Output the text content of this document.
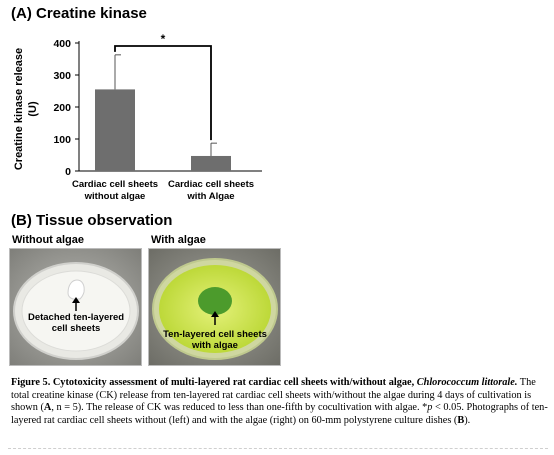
(A) Creatine kinase
Creatine kinase release (U)
0
100
200
300
400	*
Cardiac cell sheets
without algae
Cardiac cell sheets
with Algae
(B) Tissue observation
Without algae	With algae
Detached ten-layered
cell sheets
Ten-layered cell sheets
with algae
Figure 5. Cytotoxicity assessment of multi-layered rat cardiac cell sheets with/without algae, Chlorococcum littorale. The total creatine kinase (CK) release from ten-layered rat cardiac cell sheets with/without the algae during 4 days of cultivation is shown (A, n = 5). The release of CK was reduced to less than one-fifth by cocultivation with algae. *p < 0.05. Photographs of ten-layered rat cardiac cell sheets without (left) and with the algae (right) on 60-mm polystyrene culture dishes (B).
